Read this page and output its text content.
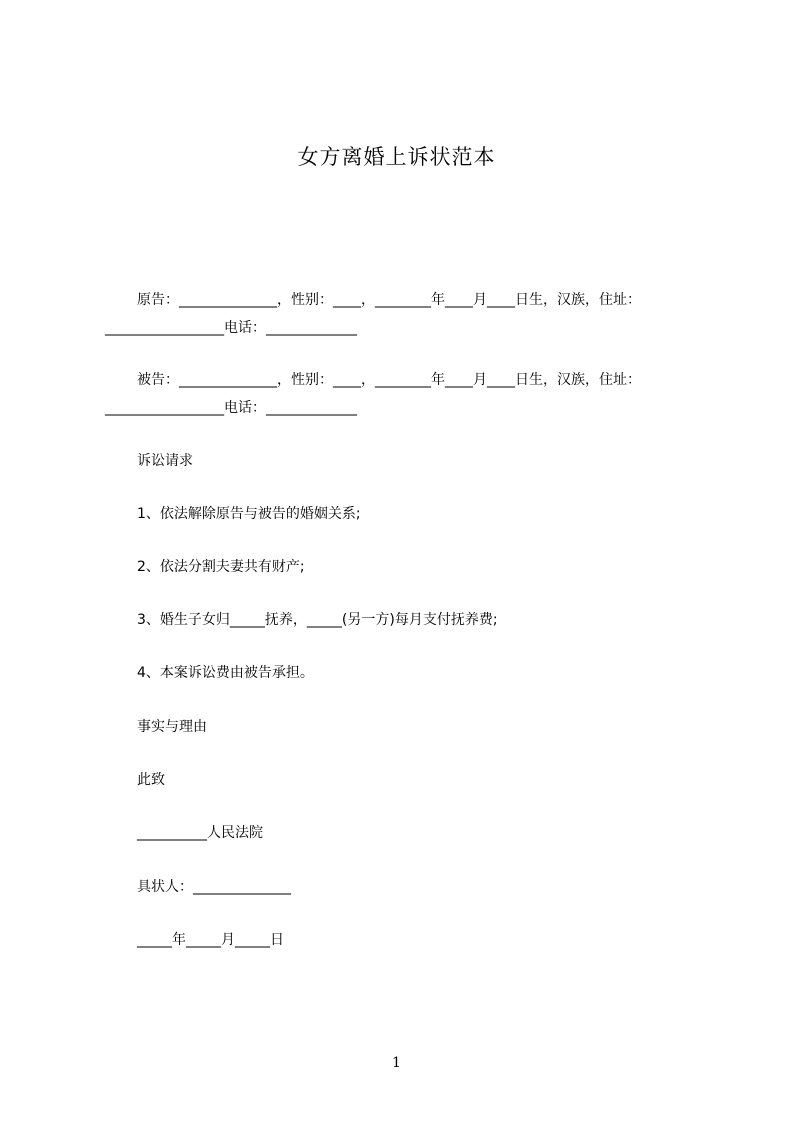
女方离婚上诉状范本
原告：______________，性别：____，________年____月____日生，汉族，住址：
_________________电话：_____________
被告：______________，性别：____，________年____月____日生，汉族，住址：
_________________电话：_____________
诉讼请求
1、依法解除原告与被告的婚姻关系;
2、依法分割夫妻共有财产;
3、婚生子女归_____抚养，_____(另一方)每月支付抚养费;
4、本案诉讼费由被告承担。
事实与理由
此致
__________人民法院
具状人：______________
_____年_____月_____日
1
